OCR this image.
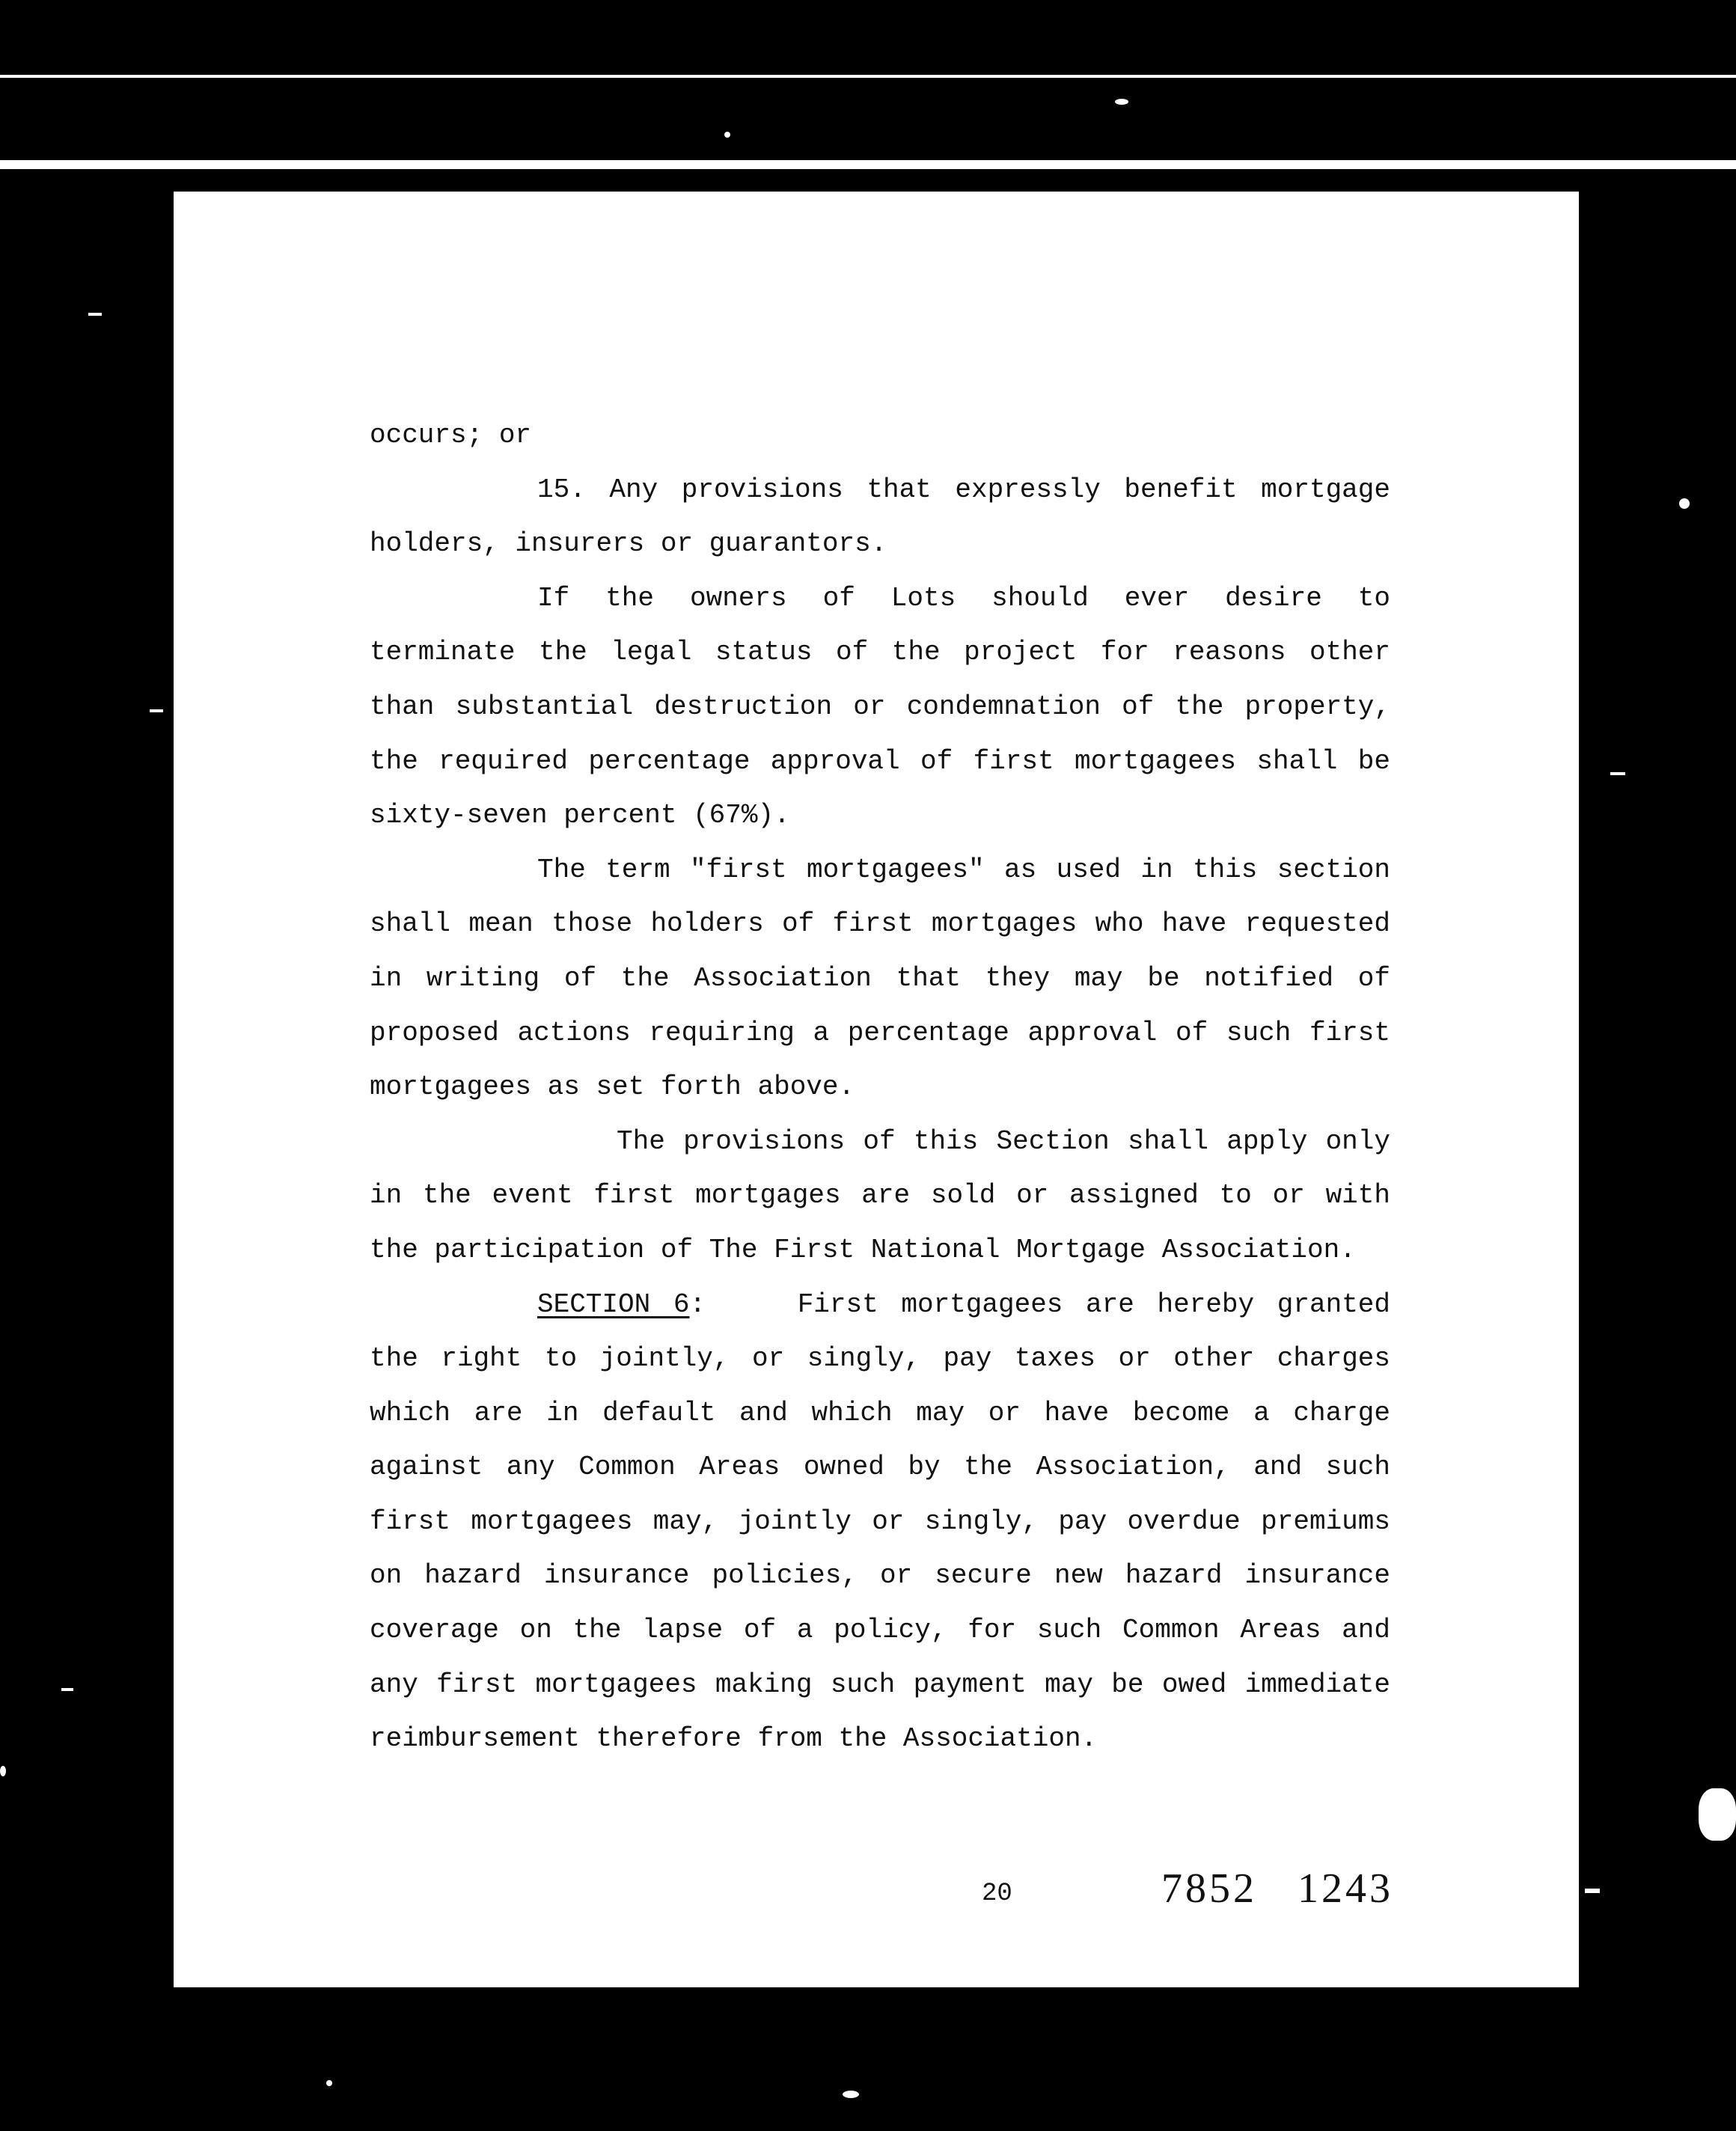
occurs; or

15. Any provisions that expressly benefit mortgage holders, insurers or guarantors.

If the owners of Lots should ever desire to terminate the legal status of the project for reasons other than substantial destruction or condemnation of the property, the required percentage approval of first mortgagees shall be sixty-seven percent (67%).

The term "first mortgagees" as used in this section shall mean those holders of first mortgages who have requested in writing of the Association that they may be notified of proposed actions requiring a percentage approval of such first mortgagees as set forth above.

The provisions of this Section shall apply only in the event first mortgages are sold or assigned to or with the participation of The First National Mortgage Association.

SECTION 6:	First mortgagees are hereby granted the right to jointly, or singly, pay taxes or other charges which are in default and which may or have become a charge against any Common Areas owned by the Association, and such first mortgagees may, jointly or singly, pay overdue premiums on hazard insurance policies, or secure new hazard insurance coverage on the lapse of a policy, for such Common Areas and any first mortgagees making such payment may be owed immediate reimbursement therefore from the Association.

20	7852   1243
